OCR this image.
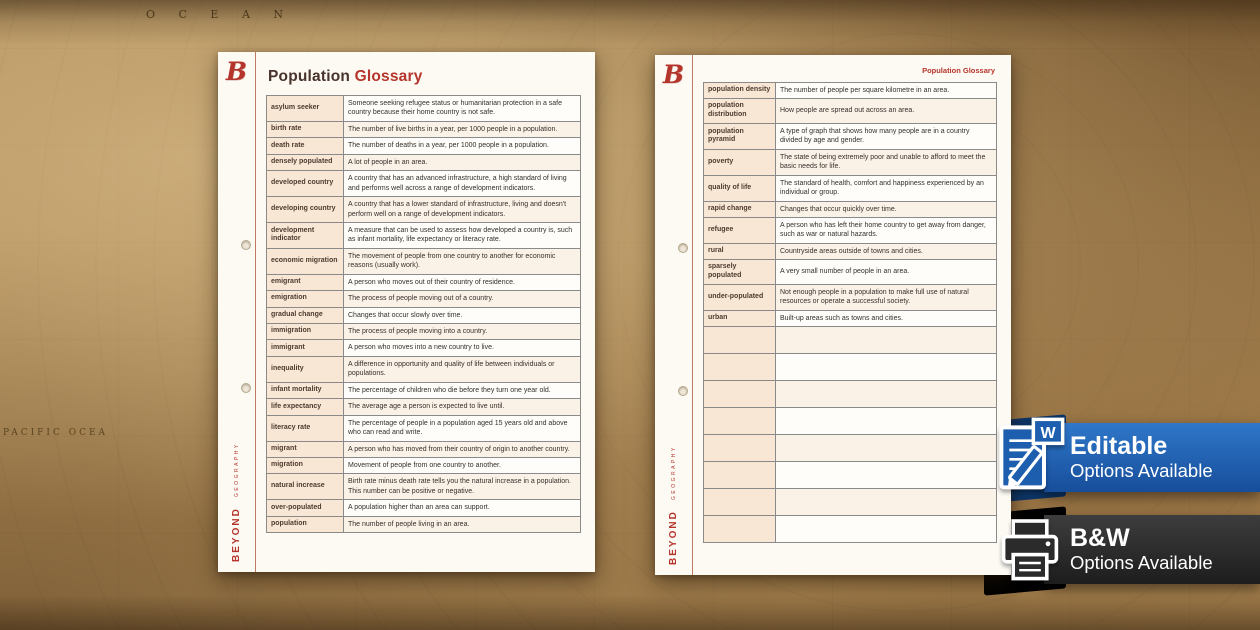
O C E A N
PACIFIC OCEA
B
BEYOND GEOGRAPHY
Population Glossary
asylum seeker	Someone seeking refugee status or humanitarian protection in a safe country because their home country is not safe.
birth rate	The number of live births in a year, per 1000 people in a population.
death rate	The number of deaths in a year, per 1000 people in a population.
densely populated	A lot of people in an area.
developed country	A country that has an advanced infrastructure, a high standard of living and performs well across a range of development indicators.
developing country	A country that has a lower standard of infrastructure, living and doesn't perform well on a range of development indicators.
development indicator	A measure that can be used to assess how developed a country is, such as infant mortality, life expectancy or literacy rate.
economic migration	The movement of people from one country to another for economic reasons (usually work).
emigrant	A person who moves out of their country of residence.
emigration	The process of people moving out of a country.
gradual change	Changes that occur slowly over time.
immigration	The process of people moving into a country.
immigrant	A person who moves into a new country to live.
inequality	A difference in opportunity and quality of life between individuals or populations.
infant mortality	The percentage of children who die before they turn one year old.
life expectancy	The average age a person is expected to live until.
literacy rate	The percentage of people in a population aged 15 years old and above who can read and write.
migrant	A person who has moved from their country of origin to another country.
migration	Movement of people from one country to another.
natural increase	Birth rate minus death rate tells you the natural increase in a population. This number can be positive or negative.
over-populated	A population higher than an area can support.
population	The number of people living in an area.
B
BEYOND GEOGRAPHY
Population Glossary
population density	The number of people per square kilometre in an area.
population distribution	How people are spread out across an area.
population pyramid	A type of graph that shows how many people are in a country divided by age and gender.
poverty	The state of being extremely poor and unable to afford to meet the basic needs for life.
quality of life	The standard of health, comfort and happiness experienced by an individual or group.
rapid change	Changes that occur quickly over time.
refugee	A person who has left their home country to get away from danger, such as war or natural hazards.
rural	Countryside areas outside of towns and cities.
sparsely populated	A very small number of people in an area.
under-populated	Not enough people in a population to make full use of natural resources or operate a successful society.
urban	Built-up areas such as towns and cities.

W Editable
Options Available
B&W
Options Available
